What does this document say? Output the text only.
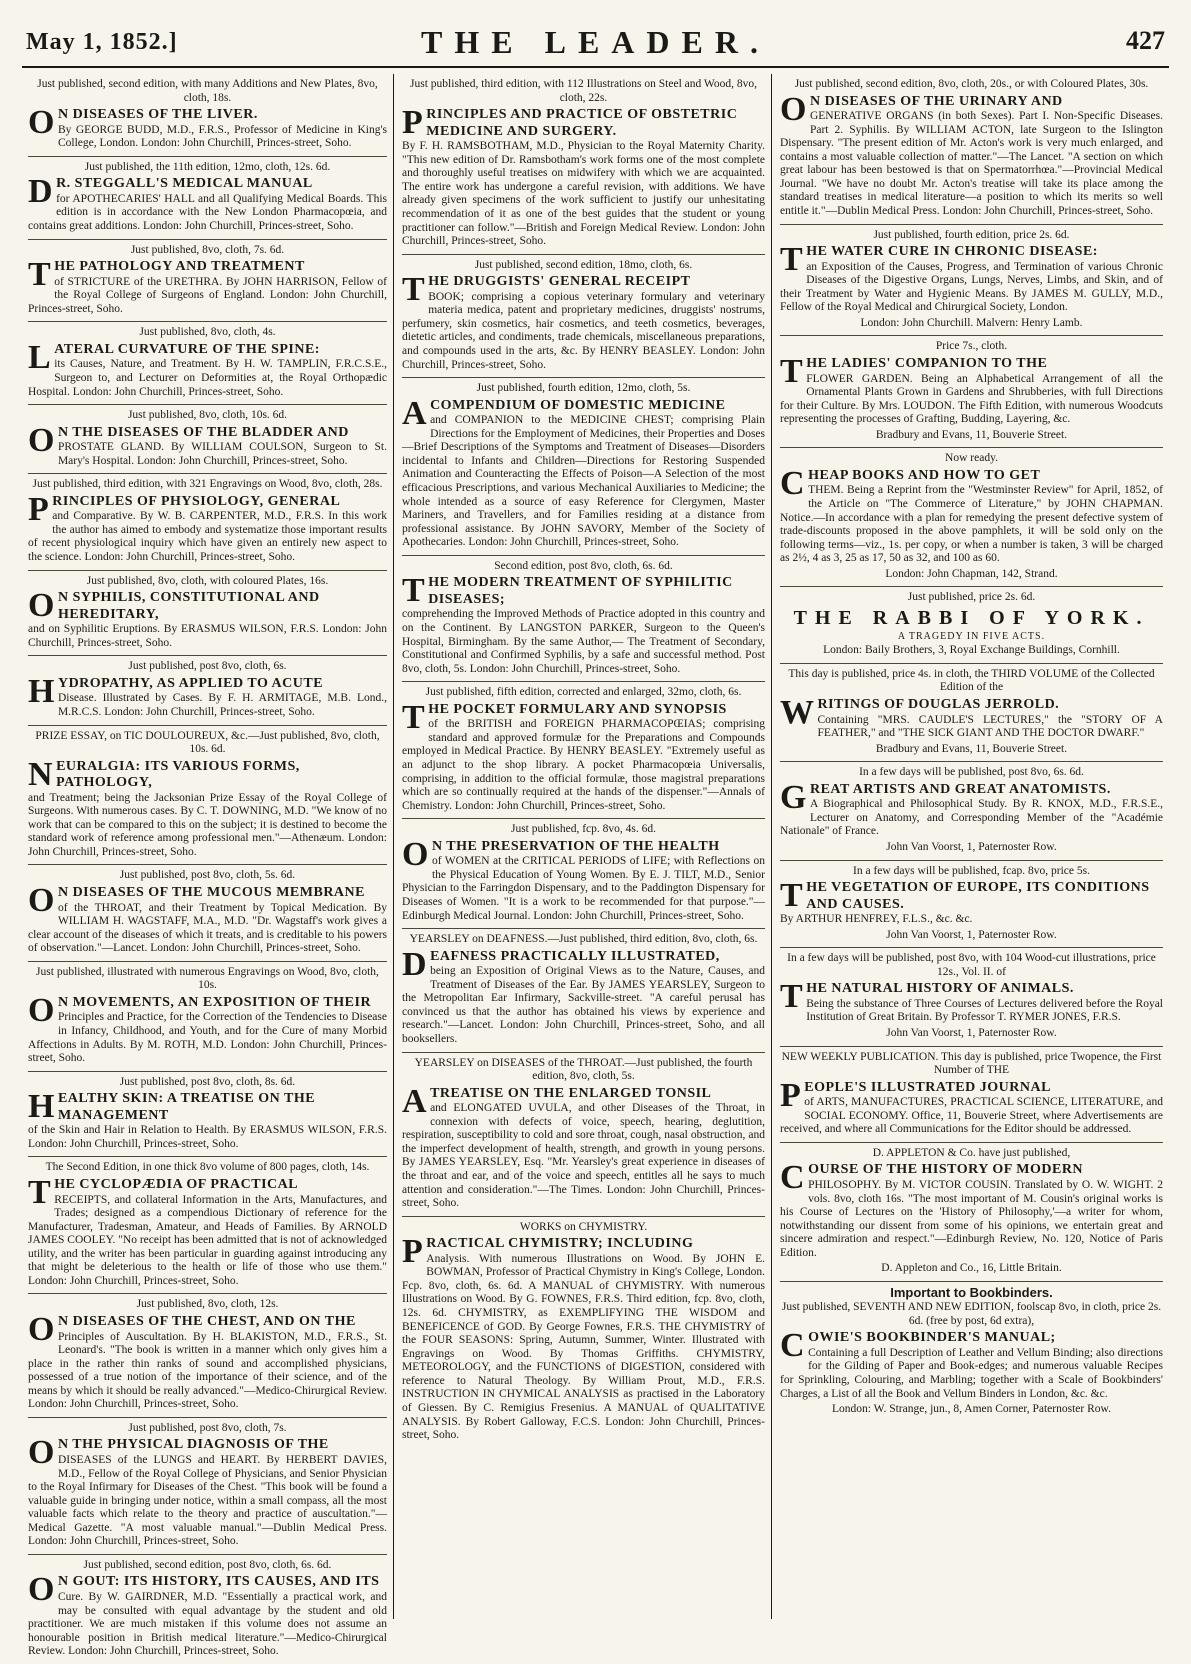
May 1, 1852.]	THE LEADER.	427
Just published, second edition, with many Additions and New Plates, 8vo, cloth, 18s.
ON DISEASES OF THE LIVER.
By GEORGE BUDD, M.D., F.R.S., Professor of Medicine in King's College, London. London: John Churchill, Princes-street, Soho.
Just published, the 11th edition, 12mo, cloth, 12s. 6d.
DR. STEGGALL'S MEDICAL MANUAL
for APOTHECARIES' HALL and all Qualifying Medical Boards. This edition is in accordance with the New London Pharmacopœia, and contains great additions. London: John Churchill, Princes-street, Soho.
Just published, 8vo, cloth, 7s. 6d.
THE PATHOLOGY AND TREATMENT
of STRICTURE of the URETHRA. By JOHN HARRISON, Fellow of the Royal College of Surgeons of England. London: John Churchill, Princes-street, Soho.
Just published, 8vo, cloth, 4s.
LATERAL CURVATURE OF THE SPINE:
its Causes, Nature, and Treatment. By H. W. TAMPLIN, F.R.C.S.E., Surgeon to, and Lecturer on Deformities at, the Royal Orthopædic Hospital. London: John Churchill, Princes-street, Soho.
Just published, 8vo, cloth, 10s. 6d.
ON THE DISEASES OF THE BLADDER AND
PROSTATE GLAND. By WILLIAM COULSON, Surgeon to St. Mary's Hospital. London: John Churchill, Princes-street, Soho.
Just published, third edition, with 321 Engravings on Wood, 8vo, cloth, 28s.
PRINCIPLES OF PHYSIOLOGY, GENERAL
and Comparative. By W. B. CARPENTER, M.D., F.R.S. In this work the author has aimed to embody and systematize those important results of recent physiological inquiry which have given an entirely new aspect to the science. London: John Churchill, Princes-street, Soho.
Just published, 8vo, cloth, with coloured Plates, 16s.
ON SYPHILIS, CONSTITUTIONAL AND HEREDITARY,
and on Syphilitic Eruptions. By ERASMUS WILSON, F.R.S. London: John Churchill, Princes-street, Soho.
Just published, post 8vo, cloth, 6s.
HYDROPATHY, AS APPLIED TO ACUTE
Disease. Illustrated by Cases. By F. H. ARMITAGE, M.B. Lond., M.R.C.S. London: John Churchill, Princes-street, Soho.
PRIZE ESSAY, on TIC DOULOUREUX, &c.—Just published, 8vo, cloth, 10s. 6d.
NEURALGIA: ITS VARIOUS FORMS, PATHOLOGY,
and Treatment; being the Jacksonian Prize Essay of the Royal College of Surgeons. With numerous cases. By C. T. DOWNING, M.D. "We know of no work that can be compared to this on the subject; it is destined to become the standard work of reference among professional men."—Athenæum. London: John Churchill, Princes-street, Soho.
Just published, post 8vo, cloth, 5s. 6d.
ON DISEASES OF THE MUCOUS MEMBRANE
of the THROAT, and their Treatment by Topical Medication. By WILLIAM H. WAGSTAFF, M.A., M.D. "Dr. Wagstaff's work gives a clear account of the diseases of which it treats, and is creditable to his powers of observation."—Lancet. London: John Churchill, Princes-street, Soho.
Just published, illustrated with numerous Engravings on Wood, 8vo, cloth, 10s.
ON MOVEMENTS, AN EXPOSITION OF THEIR
Principles and Practice, for the Correction of the Tendencies to Disease in Infancy, Childhood, and Youth, and for the Cure of many Morbid Affections in Adults. By M. ROTH, M.D. London: John Churchill, Princes-street, Soho.
Just published, post 8vo, cloth, 8s. 6d.
HEALTHY SKIN: A TREATISE ON THE MANAGEMENT
of the Skin and Hair in Relation to Health. By ERASMUS WILSON, F.R.S. London: John Churchill, Princes-street, Soho.
The Second Edition, in one thick 8vo volume of 800 pages, cloth, 14s.
THE CYCLOPÆDIA OF PRACTICAL
RECEIPTS, and collateral Information in the Arts, Manufactures, and Trades; designed as a compendious Dictionary of reference for the Manufacturer, Tradesman, Amateur, and Heads of Families. By ARNOLD JAMES COOLEY. "No receipt has been admitted that is not of acknowledged utility, and the writer has been particular in guarding against introducing any that might be deleterious to the health or life of those who use them." London: John Churchill, Princes-street, Soho.
Just published, 8vo, cloth, 12s.
ON DISEASES OF THE CHEST, AND ON THE
Principles of Auscultation. By H. BLAKISTON, M.D., F.R.S., St. Leonard's. "The book is written in a manner which only gives him a place in the rather thin ranks of sound and accomplished physicians, possessed of a true notion of the importance of their science, and of the means by which it should be really advanced."—Medico-Chirurgical Review. London: John Churchill, Princes-street, Soho.
Just published, post 8vo, cloth, 7s.
ON THE PHYSICAL DIAGNOSIS OF THE
DISEASES of the LUNGS and HEART. By HERBERT DAVIES, M.D., Fellow of the Royal College of Physicians, and Senior Physician to the Royal Infirmary for Diseases of the Chest. "This book will be found a valuable guide in bringing under notice, within a small compass, all the most valuable facts which relate to the theory and practice of auscultation."—Medical Gazette. "A most valuable manual."—Dublin Medical Press. London: John Churchill, Princes-street, Soho.
Just published, second edition, post 8vo, cloth, 6s. 6d.
ON GOUT: ITS HISTORY, ITS CAUSES, AND ITS
Cure. By W. GAIRDNER, M.D. "Essentially a practical work, and may be consulted with equal advantage by the student and old practitioner. We are much mistaken if this volume does not assume an honourable position in British medical literature."—Medico-Chirurgical Review. London: John Churchill, Princes-street, Soho.
Just published, third edition, with 112 Illustrations on Steel and Wood, 8vo, cloth, 22s.
PRINCIPLES AND PRACTICE OF OBSTETRIC MEDICINE AND SURGERY.
By F. H. RAMSBOTHAM, M.D., Physician to the Royal Maternity Charity. "This new edition of Dr. Ramsbotham's work forms one of the most complete and thoroughly useful treatises on midwifery with which we are acquainted. The entire work has undergone a careful revision, with additions. We have already given specimens of the work sufficient to justify our unhesitating recommendation of it as one of the best guides that the student or young practitioner can follow."—British and Foreign Medical Review. London: John Churchill, Princes-street, Soho.
Just published, second edition, 18mo, cloth, 6s.
THE DRUGGISTS' GENERAL RECEIPT
BOOK; comprising a copious veterinary formulary and veterinary materia medica, patent and proprietary medicines, druggists' nostrums, perfumery, skin cosmetics, hair cosmetics, and teeth cosmetics, beverages, dietetic articles, and condiments, trade chemicals, miscellaneous preparations, and compounds used in the arts, &c. By HENRY BEASLEY. London: John Churchill, Princes-street, Soho.
Just published, fourth edition, 12mo, cloth, 5s.
ACOMPENDIUM OF DOMESTIC MEDICINE
and COMPANION to the MEDICINE CHEST; comprising Plain Directions for the Employment of Medicines, their Properties and Doses—Brief Descriptions of the Symptoms and Treatment of Diseases—Disorders incidental to Infants and Children—Directions for Restoring Suspended Animation and Counteracting the Effects of Poison—A Selection of the most efficacious Prescriptions, and various Mechanical Auxiliaries to Medicine; the whole intended as a source of easy Reference for Clergymen, Master Mariners, and Travellers, and for Families residing at a distance from professional assistance. By JOHN SAVORY, Member of the Society of Apothecaries. London: John Churchill, Princes-street, Soho.
Second edition, post 8vo, cloth, 6s. 6d.
THE MODERN TREATMENT OF SYPHILITIC DISEASES;
comprehending the Improved Methods of Practice adopted in this country and on the Continent. By LANGSTON PARKER, Surgeon to the Queen's Hospital, Birmingham. By the same Author,— The Treatment of Secondary, Constitutional and Confirmed Syphilis, by a safe and successful method. Post 8vo, cloth, 5s. London: John Churchill, Princes-street, Soho.
Just published, fifth edition, corrected and enlarged, 32mo, cloth, 6s.
THE POCKET FORMULARY AND SYNOPSIS
of the BRITISH and FOREIGN PHARMACOPŒIAS; comprising standard and approved formulæ for the Preparations and Compounds employed in Medical Practice. By HENRY BEASLEY. "Extremely useful as an adjunct to the shop library. A pocket Pharmacopœia Universalis, comprising, in addition to the official formulæ, those magistral preparations which are so continually required at the hands of the dispenser."—Annals of Chemistry. London: John Churchill, Princes-street, Soho.
Just published, fcp. 8vo, 4s. 6d.
ON THE PRESERVATION OF THE HEALTH
of WOMEN at the CRITICAL PERIODS of LIFE; with Reflections on the Physical Education of Young Women. By E. J. TILT, M.D., Senior Physician to the Farringdon Dispensary, and to the Paddington Dispensary for Diseases of Women. "It is a work to be recommended for that purpose."—Edinburgh Medical Journal. London: John Churchill, Princes-street, Soho.
YEARSLEY on DEAFNESS.—Just published, third edition, 8vo, cloth, 6s.
DEAFNESS PRACTICALLY ILLUSTRATED,
being an Exposition of Original Views as to the Nature, Causes, and Treatment of Diseases of the Ear. By JAMES YEARSLEY, Surgeon to the Metropolitan Ear Infirmary, Sackville-street. "A careful perusal has convinced us that the author has obtained his views by experience and research."—Lancet. London: John Churchill, Princes-street, Soho, and all booksellers.
YEARSLEY on DISEASES of the THROAT.—Just published, the fourth edition, 8vo, cloth, 5s.
ATREATISE ON THE ENLARGED TONSIL
and ELONGATED UVULA, and other Diseases of the Throat, in connexion with defects of voice, speech, hearing, deglutition, respiration, susceptibility to cold and sore throat, cough, nasal obstruction, and the imperfect development of health, strength, and growth in young persons. By JAMES YEARSLEY, Esq. "Mr. Yearsley's great experience in diseases of the throat and ear, and of the voice and speech, entitles all he says to much attention and consideration."—The Times. London: John Churchill, Princes-street, Soho.
WORKS on CHYMISTRY.
PRACTICAL CHYMISTRY; INCLUDING
Analysis. With numerous Illustrations on Wood. By JOHN E. BOWMAN, Professor of Practical Chymistry in King's College, London. Fcp. 8vo, cloth, 6s. 6d. A MANUAL of CHYMISTRY. With numerous Illustrations on Wood. By G. FOWNES, F.R.S. Third edition, fcp. 8vo, cloth, 12s. 6d. CHYMISTRY, as EXEMPLIFYING THE WISDOM and BENEFICENCE of GOD. By George Fownes, F.R.S. THE CHYMISTRY of the FOUR SEASONS: Spring, Autumn, Summer, Winter. Illustrated with Engravings on Wood. By Thomas Griffiths. CHYMISTRY, METEOROLOGY, and the FUNCTIONS of DIGESTION, considered with reference to Natural Theology. By William Prout, M.D., F.R.S. INSTRUCTION IN CHYMICAL ANALYSIS as practised in the Laboratory of Giessen. By C. Remigius Fresenius. A MANUAL of QUALITATIVE ANALYSIS. By Robert Galloway, F.C.S. London: John Churchill, Princes-street, Soho.
Just published, second edition, 8vo, cloth, 20s., or with Coloured Plates, 30s.
ON DISEASES OF THE URINARY AND
GENERATIVE ORGANS (in both Sexes). Part I. Non-Specific Diseases. Part 2. Syphilis. By WILLIAM ACTON, late Surgeon to the Islington Dispensary. "The present edition of Mr. Acton's work is very much enlarged, and contains a most valuable collection of matter."—The Lancet. "A section on which great labour has been bestowed is that on Spermatorrhœa."—Provincial Medical Journal. "We have no doubt Mr. Acton's treatise will take its place among the standard treatises in medical literature—a position to which its merits so well entitle it."—Dublin Medical Press. London: John Churchill, Princes-street, Soho.
Just published, fourth edition, price 2s. 6d.
THE WATER CURE IN CHRONIC DISEASE:
an Exposition of the Causes, Progress, and Termination of various Chronic Diseases of the Digestive Organs, Lungs, Nerves, Limbs, and Skin, and of their Treatment by Water and Hygienic Means. By JAMES M. GULLY, M.D., Fellow of the Royal Medical and Chirurgical Society, London.
London: John Churchill. Malvern: Henry Lamb.
Price 7s., cloth.
THE LADIES' COMPANION TO THE
FLOWER GARDEN. Being an Alphabetical Arrangement of all the Ornamental Plants Grown in Gardens and Shrubberies, with full Directions for their Culture. By Mrs. LOUDON. The Fifth Edition, with numerous Woodcuts representing the processes of Grafting, Budding, Layering, &c.
Bradbury and Evans, 11, Bouverie Street.
Now ready.
CHEAP BOOKS AND HOW TO GET
THEM. Being a Reprint from the "Westminster Review" for April, 1852, of the Article on "The Commerce of Literature," by JOHN CHAPMAN. Notice.—In accordance with a plan for remedying the present defective system of trade-discounts proposed in the above pamphlets, it will be sold only on the following terms—viz., 1s. per copy, or when a number is taken, 3 will be charged as 2½, 4 as 3, 25 as 17, 50 as 32, and 100 as 60.
London: John Chapman, 142, Strand.
Just published, price 2s. 6d.
THE RABBI OF YORK.
A TRAGEDY IN FIVE ACTS.
London: Baily Brothers, 3, Royal Exchange Buildings, Cornhill.
This day is published, price 4s. in cloth, the THIRD VOLUME of the Collected Edition of the
WRITINGS OF DOUGLAS JERROLD.
Containing "MRS. CAUDLE'S LECTURES," the "STORY OF A FEATHER," and "THE SICK GIANT AND THE DOCTOR DWARF."
Bradbury and Evans, 11, Bouverie Street.
In a few days will be published, post 8vo, 6s. 6d.
GREAT ARTISTS AND GREAT ANATOMISTS.
A Biographical and Philosophical Study. By R. KNOX, M.D., F.R.S.E., Lecturer on Anatomy, and Corresponding Member of the "Académie Nationale" of France.
John Van Voorst, 1, Paternoster Row.
In a few days will be published, fcap. 8vo, price 5s.
THE VEGETATION OF EUROPE, ITS CONDITIONS AND CAUSES.
By ARTHUR HENFREY, F.L.S., &c. &c.
John Van Voorst, 1, Paternoster Row.
In a few days will be published, post 8vo, with 104 Wood-cut illustrations, price 12s., Vol. II. of
THE NATURAL HISTORY OF ANIMALS.
Being the substance of Three Courses of Lectures delivered before the Royal Institution of Great Britain. By Professor T. RYMER JONES, F.R.S.
John Van Voorst, 1, Paternoster Row.
NEW WEEKLY PUBLICATION. This day is published, price Twopence, the First Number of THE
PEOPLE'S ILLUSTRATED JOURNAL
of ARTS, MANUFACTURES, PRACTICAL SCIENCE, LITERATURE, and SOCIAL ECONOMY. Office, 11, Bouverie Street, where Advertisements are received, and where all Communications for the Editor should be addressed.
D. APPLETON & Co. have just published,
COURSE OF THE HISTORY OF MODERN
PHILOSOPHY. By M. VICTOR COUSIN. Translated by O. W. WIGHT. 2 vols. 8vo, cloth 16s. "The most important of M. Cousin's original works is his Course of Lectures on the 'History of Philosophy,'—a writer for whom, notwithstanding our dissent from some of his opinions, we entertain great and sincere admiration and respect."—Edinburgh Review, No. 120, Notice of Paris Edition.
D. Appleton and Co., 16, Little Britain.
Important to Bookbinders.
Just published, SEVENTH AND NEW EDITION, foolscap 8vo, in cloth, price 2s. 6d. (free by post, 6d extra),
COWIE'S BOOKBINDER'S MANUAL;
Containing a full Description of Leather and Vellum Binding; also directions for the Gilding of Paper and Book-edges; and numerous valuable Recipes for Sprinkling, Colouring, and Marbling; together with a Scale of Bookbinders' Charges, a List of all the Book and Vellum Binders in London, &c. &c.
London: W. Strange, jun., 8, Amen Corner, Paternoster Row.
